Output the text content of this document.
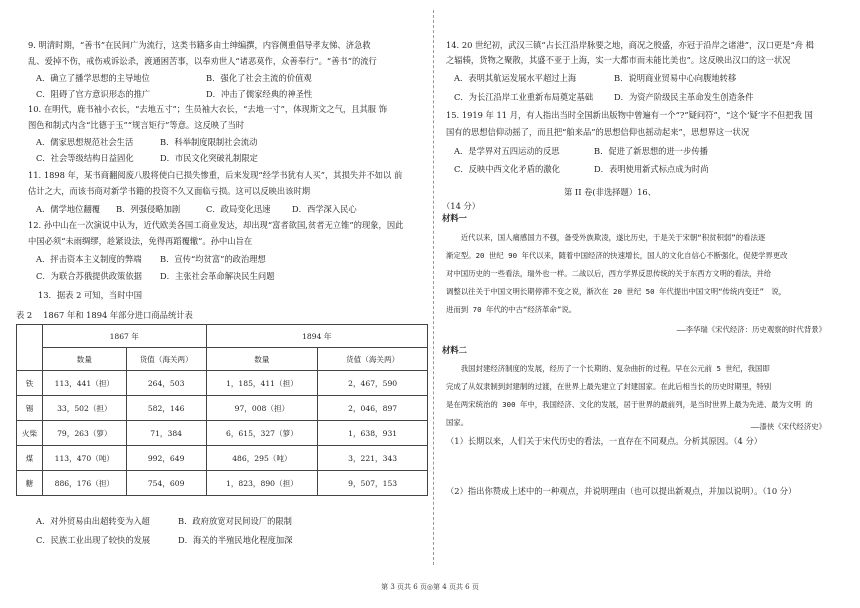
9. 明清时期，“善书”在民间广为流行，这类书籍多由士绅编撰，内容侧重倡导孝友悌、济急救
乱、爱掉不伤，戒伤戒诉讼杀，渡通困苦事，以奉劝世人“诸恶莫作，众善奉行”。“善书”的流行
A．确立了播学思想的主导地位	B．强化了社会主流的价值观
C．阻碍了官方意识形态的推广	D．冲击了儒家经典的神圣性
10. 在明代，鹿书袖小衣长，“去地五寸”；生员袖大衣长，“去地一寸”，体现斯文之气，且其服 饰
图色和制式内含“比德于玉”“规言矩行”等意。这反映了当时
A．儒家思想规范社会生活	B．科举制度限制社会流动
C．社会等级结构日益固化	D．市民文化突破礼制限定
11. 1898 年，某书商翻阅废八股将使白已损失惨重，后来发现“经学书犹有人买”，其损失并不如以 前
估计之大，而该书商对新学书籍的投资不久又面临亏损。这可以反映出该时期
A．儒学地位翻覆 B．列强侵略加剧	C．政局变化迅速	D．西学深入民心
12. 孙中山在一次演说中认为，近代欧美各国工商业发达，却出现“富者欲国,贫者无立锥”的现象，因此
中国必须“未雨绸缪，趁紧设法，免得再蹈覆辙”。孙中山旨在
A．抨击资本主义制度的弊端 B．宣传“均贫富”的政治理想
C．为联合苏俄提供政策依据 D．主张社会革命解决民生问题
13．据表 2 可知，当时中国
表 2　 1867 年和 1894 年部分进口商品统计表
	1867 年		1894 年	
	数量	货值（海关两）	数量	货值（海关两）
铁	113，441（担）	264，503	1，185，411（担）	2，467，590
锡	33，502（担）	582，146	97，008（担）	2，046，897
火柴	79，263（箩）	71，384	6，615，327（箩）	1，638，931
煤	113，470（吨）	992，649	486，295（吨）	3，221，343
糖	886，176（担）	754，609	1，823，890（担）	9，507，153
A．对外贸易由出超转变为入超	B．政府放宽对民间设厂的限制
C．民族工业出现了较快的发展	D．海关的半殖民地化程度加深
14. 20 世纪初，武汉三镇“占长江沿岸脉要之地，商况之殷盛，亦冠于沿岸之诸港”，汉口更是“舟 楫
之辐辏，货物之聚散，其盛不亚于上海，实一大都市而未能比美也”。这反映出汉口的这一状况
A．表明其航运发展水平超过上海	B．说明商业贸易中心向腹地转移
C．为长江沿岸工业重新布局奠定基础	D．为资产阶级民主革命发生创造条件
15. 1919 年 11 月，有人指出当时全国新出版物中曾遍有一个“?”疑问符”，“这个‘疑’字不但把我 国
国有的思想信仰动摇了，而且把“舶来品”的思想信仰也摇动起来”，思想界这一状况
A．是学界对五四运动的反思	B．促进了新思想的进一步传播
C．反映中西文化矛盾的激化	D．表明使用新式标点成为时尚
第 II 卷(非选择题）16、
（14 分）
材料一
　　近代以来，国人痛感国力不强，备受外族欺凌，遂比历史，于是关于宋朝“积贫积弱”的看法逐
渐定型。20 世纪 90 年代以来，随着中国经济的快速增长，国人的文化自信心不断强化，促使学界更改
对中国历史的一些看法，瑞外也一样。二战以后，西方学界反思传统的关于东西方文明的看法，并给
调整以往关于中国文明长期停滞不变之说，渐次在 20 世纪 50 年代提出中国文明“传统内变迁”　说，
进而到 70 年代的中古“经济革命”说。
——李华瑞《宋代经济：历史观察的时代背景》
材料二
　　我国封建经济制度的发展，经历了一个长期的、复杂曲折的过程。早在公元前 5 世纪，我国即
完成了从奴隶制到封建制的过渡，在世界上最先建立了封建国家。在此后相当长的历史时期里，特别
是在两宋统治的 300 年中，我国经济、文化的发展，居于世界的最前列，是当时世界上最为先进、最为文明 的
国家。	——漆侠《宋代经济史》
（1）长期以来，人们关于宋代历史的看法，一直存在不同观点。分析其原因。（4 分）
（2）指出你赞成上述中的一种观点，并说明理由（也可以提出新观点，并加以说明）。（10 分）
第 3 页共 6 页◎第 4 页共 6 页
